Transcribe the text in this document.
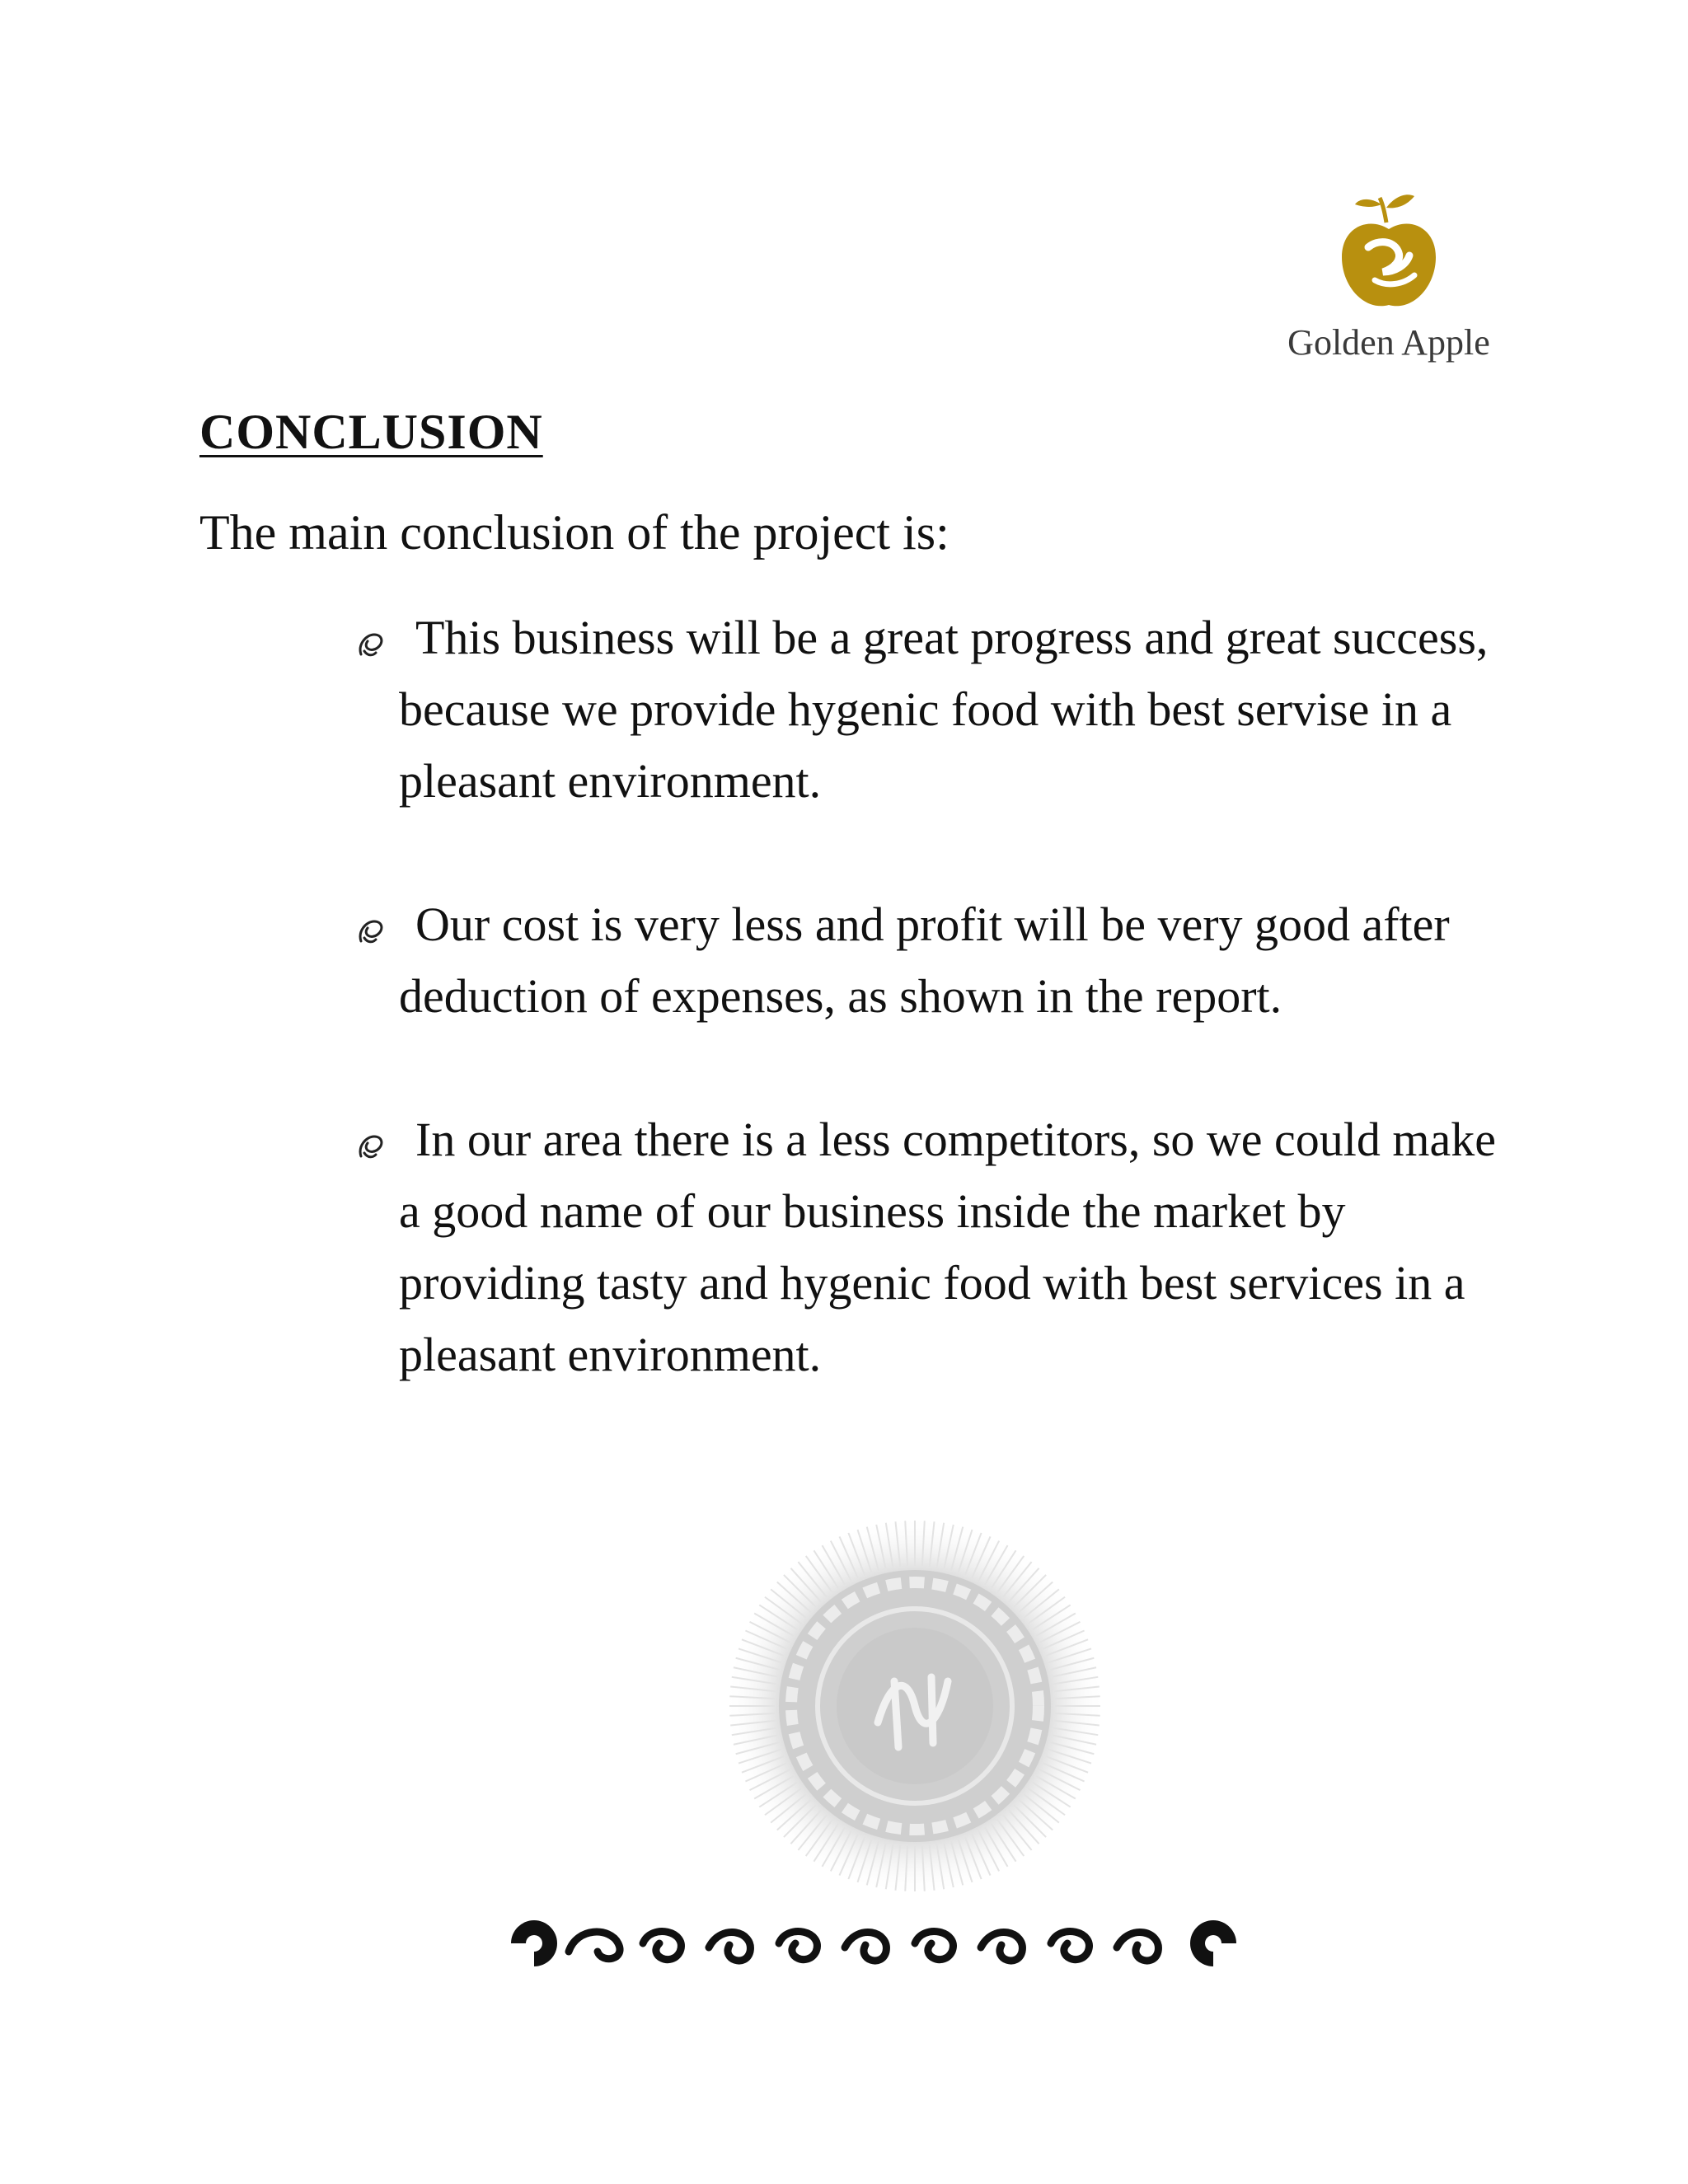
Golden Apple
CONCLUSION

The main conclusion of the project is:

This business will be a great progress and great success, because we provide hygenic food with best servise in a pleasant environment.
Our cost is very less and profit will be very good after deduction of expenses, as shown in the report.
In our area there is a less competitors, so we could make a good name of our business inside the market by providing tasty and hygenic food with best services in a pleasant environment.
